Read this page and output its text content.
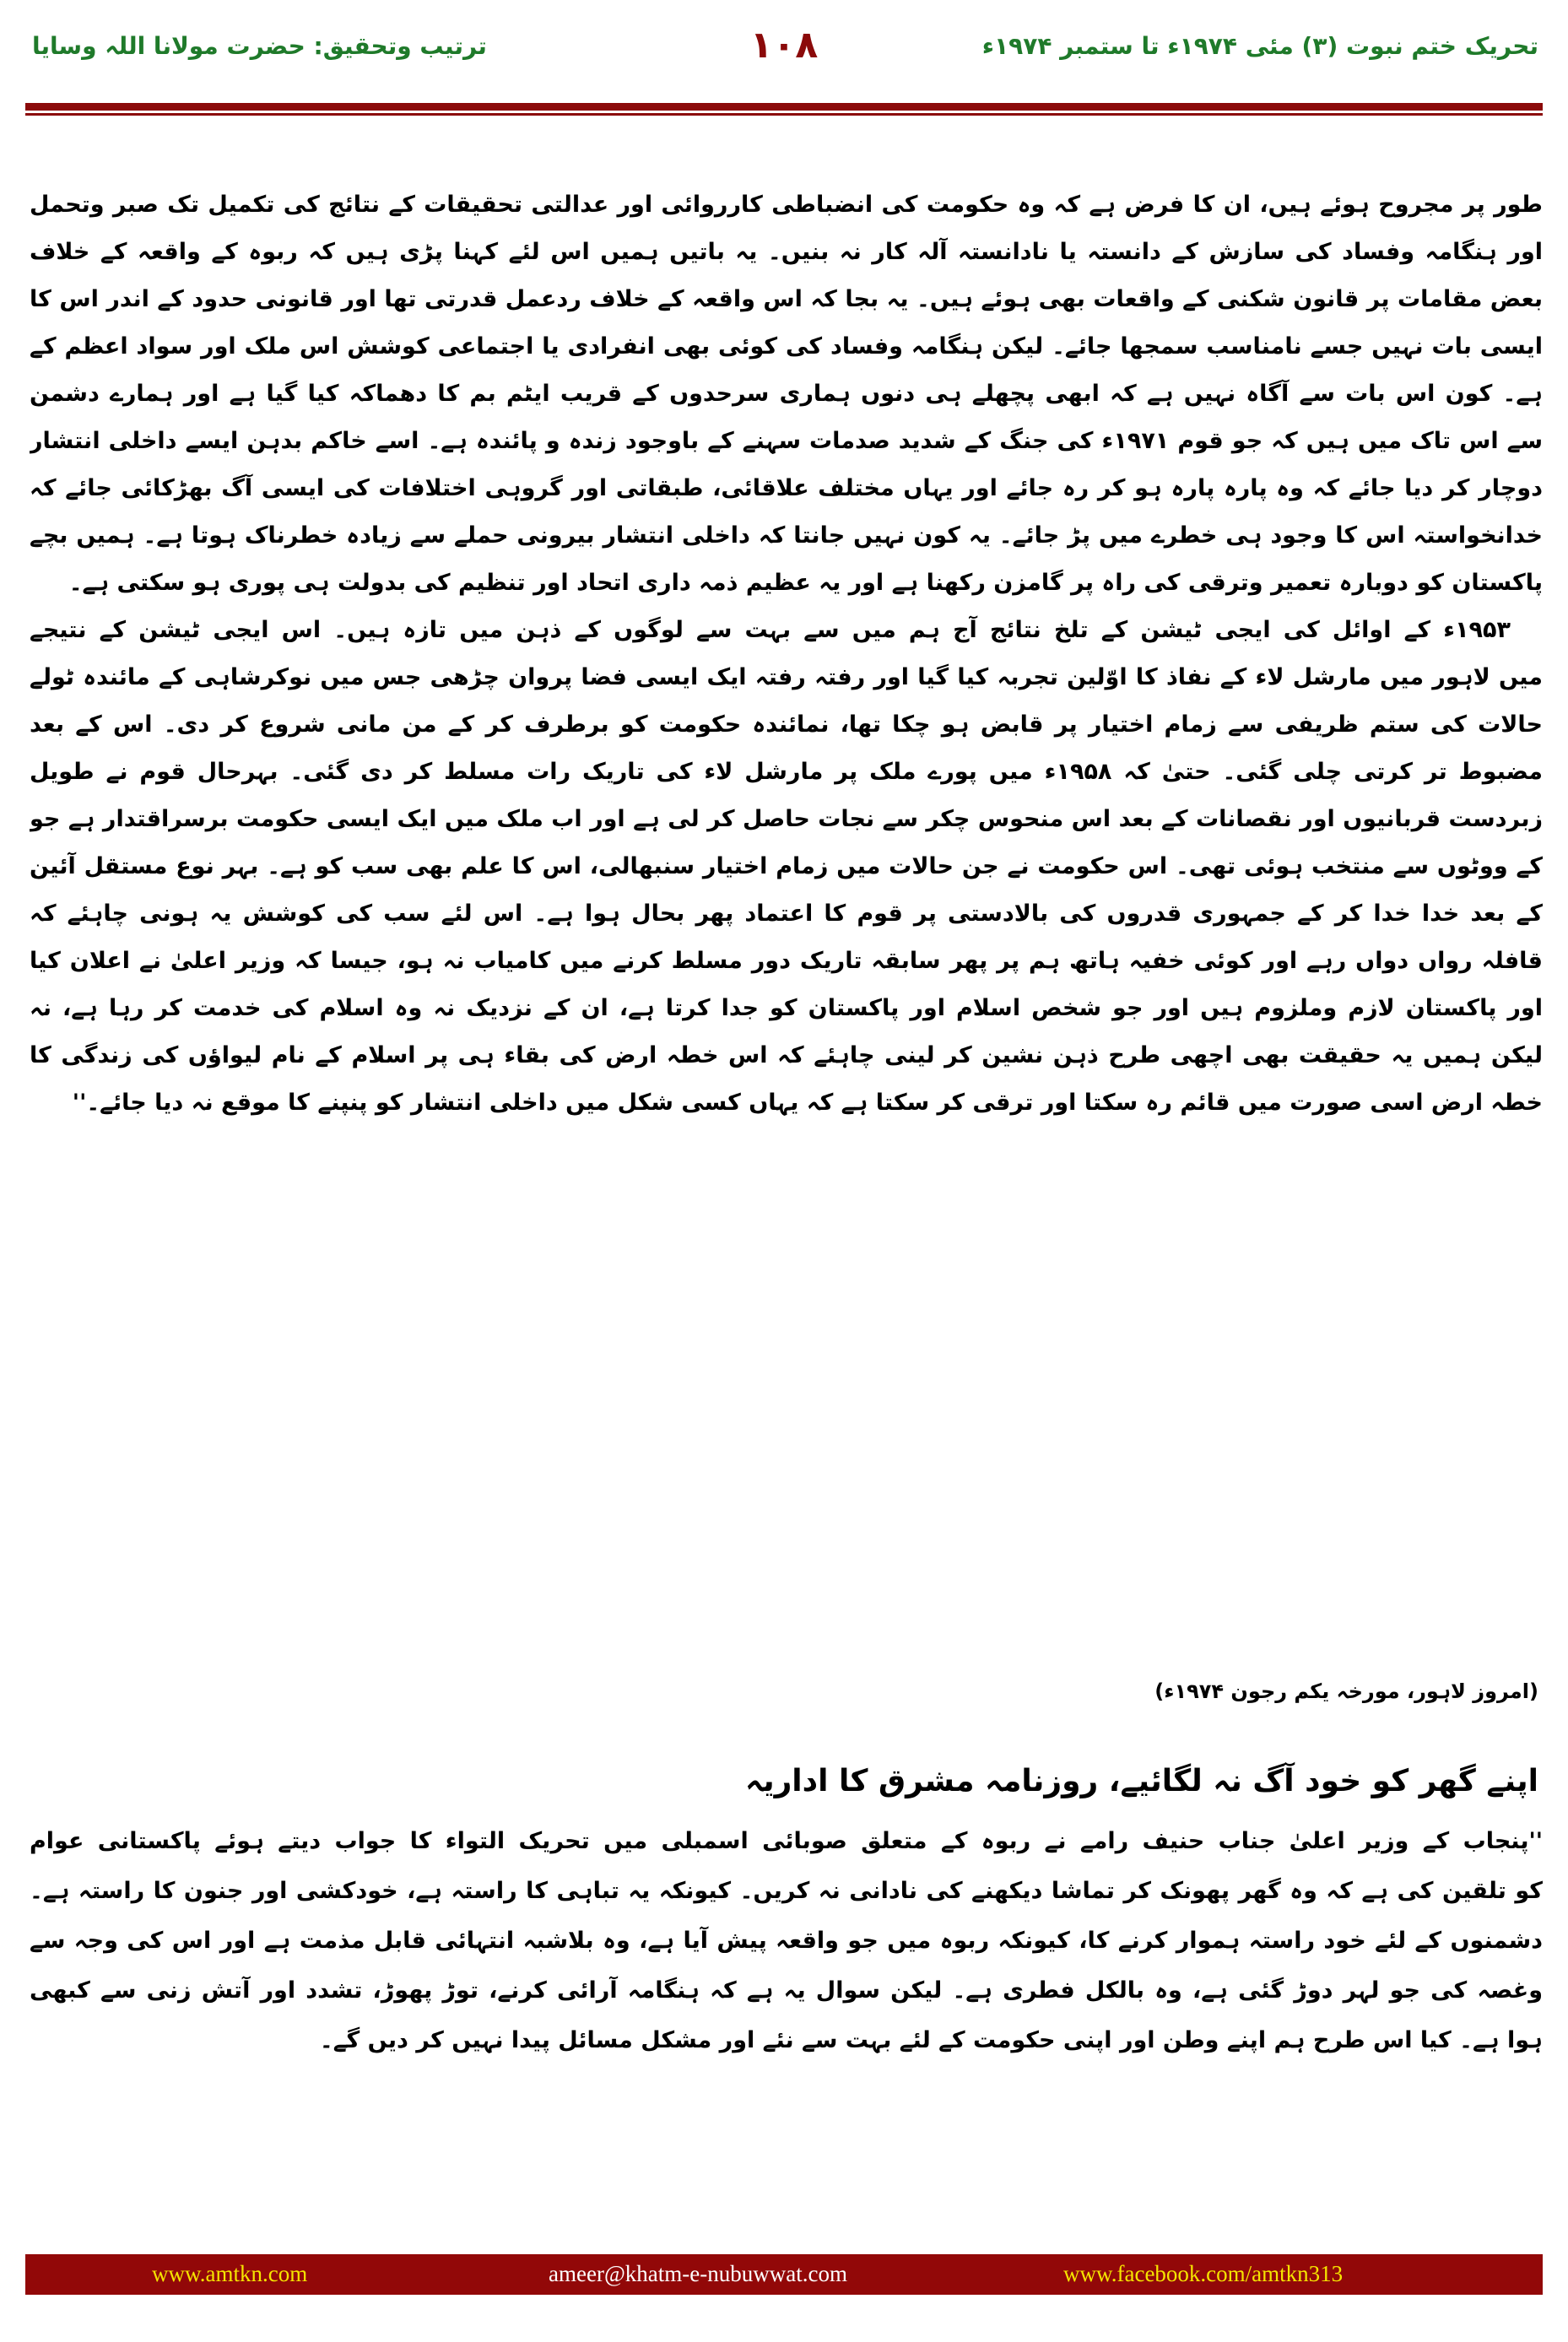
تحریک ختم نبوت (۳) مئی ۱۹۷۴ء تا ستمبر ۱۹۷۴ء
۱۰۸
ترتیب وتحقیق: حضرت مولانا اللہ وسایا
طور پر مجروح ہوئے ہیں، ان کا فرض ہے کہ وہ حکومت کی انضباطی کارروائی اور عدالتی تحقیقات کے نتائج کی تکمیل تک صبر وتحمل
اور ہنگامہ وفساد کی سازش کے دانستہ یا نادانستہ آلہ کار نہ بنیں۔ یہ باتیں ہمیں اس لئے کہنا پڑی ہیں کہ ربوہ کے واقعہ کے خلاف
بعض مقامات پر قانون شکنی کے واقعات بھی ہوئے ہیں۔ یہ بجا کہ اس واقعہ کے خلاف ردعمل قدرتی تھا اور قانونی حدود کے اندر اس کا
ایسی بات نہیں جسے نامناسب سمجھا جائے۔ لیکن ہنگامہ وفساد کی کوئی بھی انفرادی یا اجتماعی کوشش اس ملک اور سواد اعظم کے
ہے۔ کون اس بات سے آگاہ نہیں ہے کہ ابھی پچھلے ہی دنوں ہماری سرحدوں کے قریب ایٹم بم کا دھماکہ کیا گیا ہے اور ہمارے دشمن
سے اس تاک میں ہیں کہ جو قوم ۱۹۷۱ء کی جنگ کے شدید صدمات سہنے کے باوجود زندہ و پائندہ ہے۔ اسے خاکم بدہن ایسے داخلی انتشار
دوچار کر دیا جائے کہ وہ پارہ پارہ ہو کر رہ جائے اور یہاں مختلف علاقائی، طبقاتی اور گروہی اختلافات کی ایسی آگ بھڑکائی جائے کہ
خدانخواستہ اس کا وجود ہی خطرے میں پڑ جائے۔ یہ کون نہیں جانتا کہ داخلی انتشار بیرونی حملے سے زیادہ خطرناک ہوتا ہے۔ ہمیں بچے
پاکستان کو دوبارہ تعمیر وترقی کی راہ پر گامزن رکھنا ہے اور یہ عظیم ذمہ داری اتحاد اور تنظیم کی بدولت ہی پوری ہو سکتی ہے۔
۱۹۵۳ء کے اوائل کی ایجی ٹیشن کے تلخ نتائج آج ہم میں سے بہت سے لوگوں کے ذہن میں تازہ ہیں۔ اس ایجی ٹیشن کے نتیجے
میں لاہور میں مارشل لاء کے نفاذ کا اوّلین تجربہ کیا گیا اور رفتہ رفتہ ایک ایسی فضا پروان چڑھی جس میں نوکرشاہی کے مائندہ ٹولے
حالات کی ستم ظریفی سے زمام اختیار پر قابض ہو چکا تھا، نمائندہ حکومت کو برطرف کر کے من مانی شروع کر دی۔ اس کے بعد
مضبوط تر کرتی چلی گئی۔ حتیٰ کہ ۱۹۵۸ء میں پورے ملک پر مارشل لاء کی تاریک رات مسلط کر دی گئی۔ بہرحال قوم نے طویل
زبردست قربانیوں اور نقصانات کے بعد اس منحوس چکر سے نجات حاصل کر لی ہے اور اب ملک میں ایک ایسی حکومت برسراقتدار ہے جو
کے ووٹوں سے منتخب ہوئی تھی۔ اس حکومت نے جن حالات میں زمام اختیار سنبھالی، اس کا علم بھی سب کو ہے۔ بہر نوع مستقل آئین
کے بعد خدا خدا کر کے جمہوری قدروں کی بالادستی پر قوم کا اعتماد پھر بحال ہوا ہے۔ اس لئے سب کی کوشش یہ ہونی چاہئے کہ
قافلہ رواں دواں رہے اور کوئی خفیہ ہاتھ ہم پر پھر سابقہ تاریک دور مسلط کرنے میں کامیاب نہ ہو، جیسا کہ وزیر اعلیٰ نے اعلان کیا
اور پاکستان لازم وملزوم ہیں اور جو شخص اسلام اور پاکستان کو جدا کرتا ہے، ان کے نزدیک نہ وہ اسلام کی خدمت کر رہا ہے، نہ
لیکن ہمیں یہ حقیقت بھی اچھی طرح ذہن نشین کر لینی چاہئے کہ اس خطہ ارض کی بقاء ہی پر اسلام کے نام لیواؤں کی زندگی کا
خطہ ارض اسی صورت میں قائم رہ سکتا اور ترقی کر سکتا ہے کہ یہاں کسی شکل میں داخلی انتشار کو پنپنے کا موقع نہ دیا جائے۔''
(امروز لاہور، مورخہ یکم رجون ۱۹۷۴ء)
اپنے گھر کو خود آگ نہ لگائیے، روزنامہ مشرق کا اداریہ
''پنجاب کے وزیر اعلیٰ جناب حنیف رامے نے ربوہ کے متعلق صوبائی اسمبلی میں تحریک التواء کا جواب دیتے ہوئے پاکستانی عوام
کو تلقین کی ہے کہ وہ گھر پھونک کر تماشا دیکھنے کی نادانی نہ کریں۔ کیونکہ یہ تباہی کا راستہ ہے، خودکشی اور جنون کا راستہ ہے۔
دشمنوں کے لئے خود راستہ ہموار کرنے کا، کیونکہ ربوہ میں جو واقعہ پیش آیا ہے، وہ بلاشبہ انتہائی قابل مذمت ہے اور اس کی وجہ سے
وغصہ کی جو لہر دوڑ گئی ہے، وہ بالکل فطری ہے۔ لیکن سوال یہ ہے کہ ہنگامہ آرائی کرنے، توڑ پھوڑ، تشدد اور آتش زنی سے کبھی
ہوا ہے۔ کیا اس طرح ہم اپنے وطن اور اپنی حکومت کے لئے بہت سے نئے اور مشکل مسائل پیدا نہیں کر دیں گے۔
www.amtkn.com	ameer@khatm-e-nubuwwat.com	www.facebook.com/amtkn313
